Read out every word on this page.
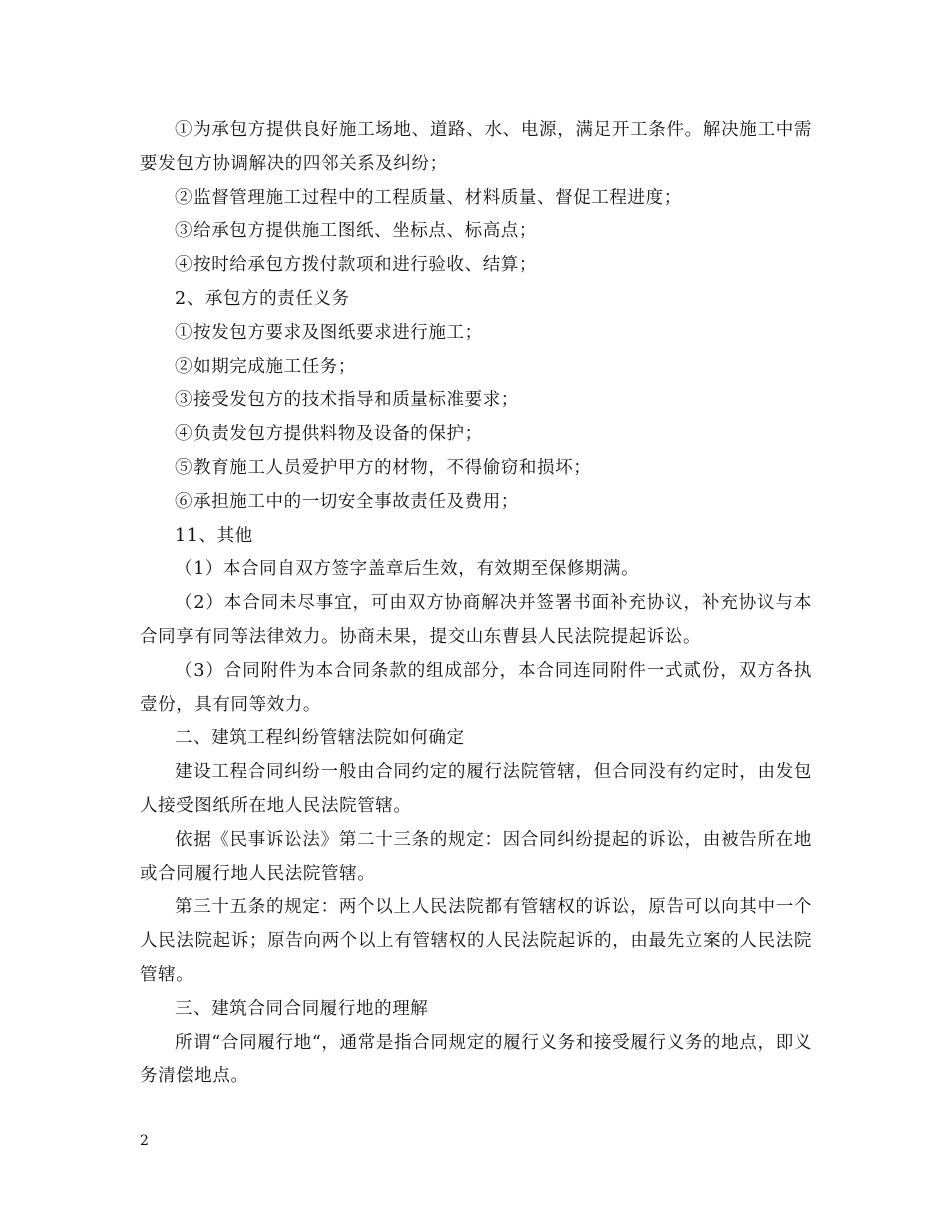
①为承包方提供良好施工场地、道路、水、电源，满足开工条件。解决施工中需要发包方协调解决的四邻关系及纠纷；

②监督管理施工过程中的工程质量、材料质量、督促工程进度；

③给承包方提供施工图纸、坐标点、标高点；

④按时给承包方拨付款项和进行验收、结算；

2、承包方的责任义务

①按发包方要求及图纸要求进行施工；

②如期完成施工任务；

③接受发包方的技术指导和质量标准要求；

④负责发包方提供料物及设备的保护；

⑤教育施工人员爱护甲方的材物，不得偷窃和损坏；

⑥承担施工中的一切安全事故责任及费用；

11、其他

（1）本合同自双方签字盖章后生效，有效期至保修期满。

（2）本合同未尽事宜，可由双方协商解决并签署书面补充协议，补充协议与本合同享有同等法律效力。协商未果，提交山东曹县人民法院提起诉讼。

（3）合同附件为本合同条款的组成部分，本合同连同附件一式贰份，双方各执壹份，具有同等效力。

二、建筑工程纠纷管辖法院如何确定

建设工程合同纠纷一般由合同约定的履行法院管辖，但合同没有约定时，由发包人接受图纸所在地人民法院管辖。

依据《民事诉讼法》第二十三条的规定：因合同纠纷提起的诉讼，由被告所在地或合同履行地人民法院管辖。

第三十五条的规定：两个以上人民法院都有管辖权的诉讼，原告可以向其中一个人民法院起诉；原告向两个以上有管辖权的人民法院起诉的，由最先立案的人民法院管辖。

三、建筑合同合同履行地的理解

所谓“合同履行地“，通常是指合同规定的履行义务和接受履行义务的地点，即义务清偿地点。

2
